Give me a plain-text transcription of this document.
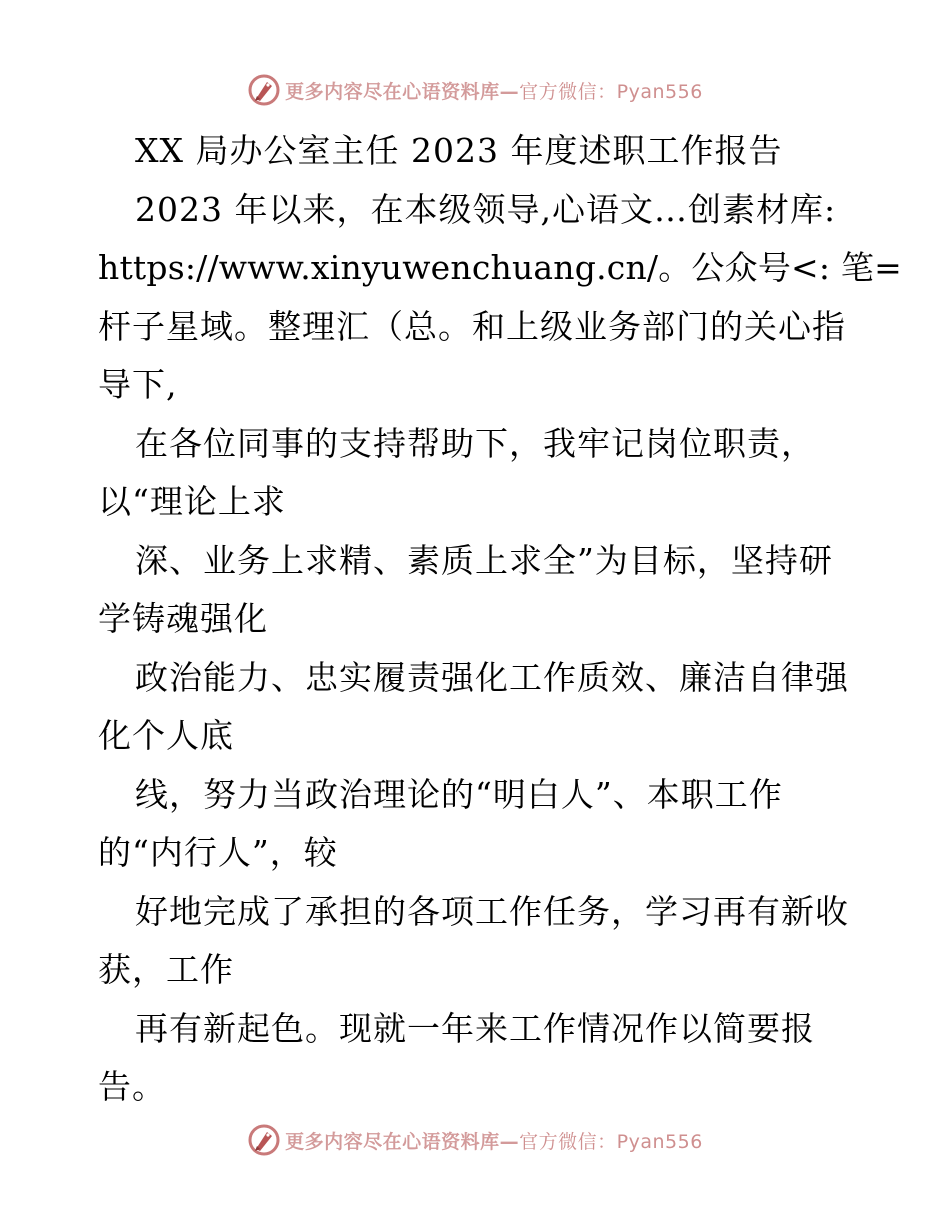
更多内容尽在心语资料库—官方微信：Pyan556
XX 局办公室主任 2023 年度述职工作报告
2023 年以来，在本级领导,心语文…创素材库:
https://www.xinyuwenchuang.cn/。公众号<: 笔=
杆子星域。整理汇（总。和上级业务部门的关心指
导下,
在各位同事的支持帮助下，我牢记岗位职责，
以“理论上求
深、业务上求精、素质上求全”为目标，坚持研
学铸魂强化
政治能力、忠实履责强化工作质效、廉洁自律强
化个人底
线，努力当政治理论的“明白人”、本职工作
的“内行人”，较
好地完成了承担的各项工作任务，学习再有新收
获，工作
再有新起色。现就一年来工作情况作以简要报
告。
更多内容尽在心语资料库—官方微信：Pyan556
